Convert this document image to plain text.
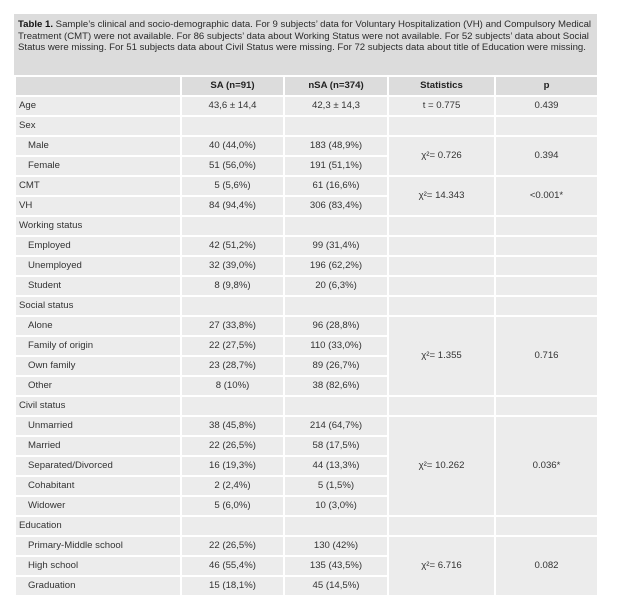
Table 1. Sample’s clinical and socio-demographic data. For 9 subjects’ data for Voluntary Hospitalization (VH) and Compulsory Medical Treatment (CMT) were not available. For 86 subjects’ data about Working Status were not available. For 52 subjects’ data about Social Status were missing. For 51 subjects data about Civil Status were missing. For 72 subjects data about title of Education were missing.
	SA (n=91)	nSA (n=374)	Statistics	p
Age	43,6 ± 14,4	42,3 ± 14,3	t = 0.775	0.439
Sex				
Male	40 (44,0%)	183 (48,9%)	χ²= 0.726	0.394
Female	51 (56,0%)	191 (51,1%)		
CMT	5 (5,6%)	61 (16,6%)	χ²= 14.343	<0.001*
VH	84 (94,4%)	306 (83,4%)		
Working status				
Employed	42 (51,2%)	99 (31,4%)		
Unemployed	32 (39,0%)	196 (62,2%)		
Student	8 (9,8%)	20 (6,3%)		
Social status				
Alone	27 (33,8%)	96 (28,8%)	χ²= 1.355	0.716
Family of origin	22 (27,5%)	110 (33,0%)		
Own family	23 (28,7%)	89 (26,7%)		
Other	8 (10%)	38 (82,6%)		
Civil status				
Unmarried	38 (45,8%)	214 (64,7%)	χ²= 10.262	0.036*
Married	22 (26,5%)	58 (17,5%)		
Separated/Divorced	16 (19,3%)	44 (13,3%)		
Cohabitant	2 (2,4%)	5 (1,5%)		
Widower	5 (6,0%)	10 (3,0%)		
Education				
Primary-Middle school	22 (26,5%)	130 (42%)	χ²= 6.716	0.082
High school	46 (55,4%)	135 (43,5%)		
Graduation	15 (18,1%)	45 (14,5%)		
